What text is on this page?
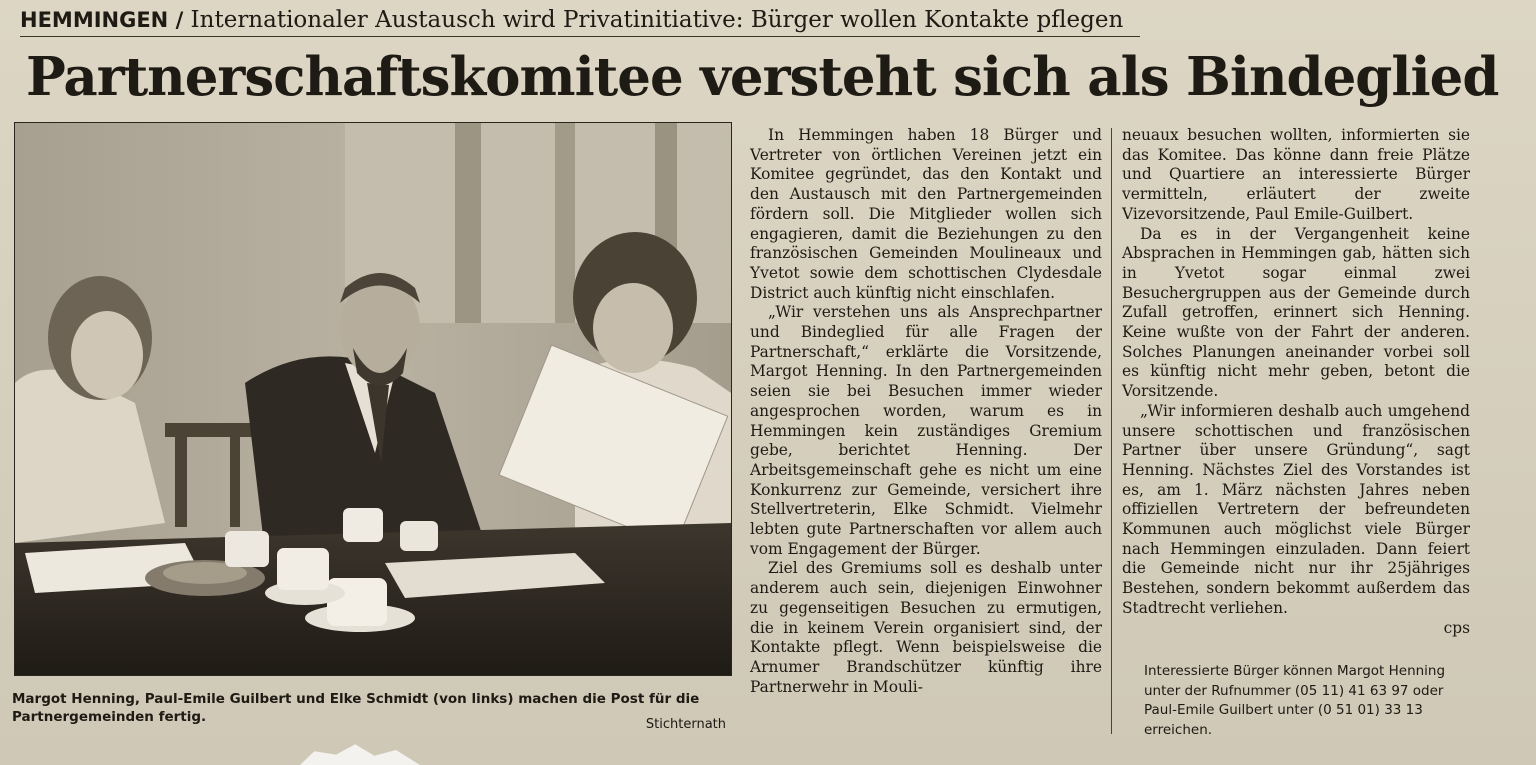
HEMMINGEN / Internationaler Austausch wird Privatinitiative: Bürger wollen Kontakte pflegen
Partnerschaftskomitee versteht sich als Bindeglied
Margot Henning, Paul-Emile Guilbert und Elke Schmidt (von links) machen die Post für die Partnergemeinden fertig.	Stichternath

In Hemmingen haben 18 Bürger und Vertreter von örtlichen Vereinen jetzt ein Komitee gegründet, das den Kontakt und den Austausch mit den Partnergemeinden fördern soll. Die Mitglieder wollen sich engagieren, damit die Beziehungen zu den französischen Gemeinden Moulineaux und Yvetot sowie dem schottischen Clydesdale District auch künftig nicht einschlafen.

„Wir verstehen uns als Ansprechpartner und Bindeglied für alle Fragen der Partnerschaft,“ erklärte die Vorsitzende, Margot Henning. In den Partnergemeinden seien sie bei Besuchen immer wieder angesprochen worden, warum es in Hemmingen kein zuständiges Gremium gebe, berichtet Henning. Der Arbeitsgemeinschaft gehe es nicht um eine Konkurrenz zur Gemeinde, versichert ihre Stellvertreterin, Elke Schmidt. Vielmehr lebten gute Partnerschaften vor allem auch vom Engagement der Bürger.

Ziel des Gremiums soll es deshalb unter anderem auch sein, diejenigen Einwohner zu gegenseitigen Besuchen zu ermutigen, die in keinem Verein organisiert sind, der Kontakte pflegt. Wenn beispielsweise die Arnumer Brandschützer künftig ihre Partnerwehr in Mouli-

neuaux besuchen wollten, informierten sie das Komitee. Das könne dann freie Plätze und Quartiere an interessierte Bürger vermitteln, erläutert der zweite Vizevorsitzende, Paul Emile-Guilbert.

Da es in der Vergangenheit keine Absprachen in Hemmingen gab, hätten sich in Yvetot sogar einmal zwei Besuchergruppen aus der Gemeinde durch Zufall getroffen, erinnert sich Henning. Keine wußte von der Fahrt der anderen. Solches Planungen aneinander vorbei soll es künftig nicht mehr geben, betont die Vorsitzende.

„Wir informieren deshalb auch umgehend unsere schottischen und französischen Partner über unsere Gründung“, sagt Henning. Nächstes Ziel des Vorstandes ist es, am 1. März nächsten Jahres neben offiziellen Vertretern der befreundeten Kommunen auch möglichst viele Bürger nach Hemmingen einzuladen. Dann feiert die Gemeinde nicht nur ihr 25jähriges Bestehen, sondern bekommt außerdem das Stadtrecht verliehen.

cps

Interessierte Bürger können Margot Henning unter der Rufnummer (05 11) 41 63 97 oder Paul-Emile Guilbert unter (0 51 01) 33 13 erreichen.
